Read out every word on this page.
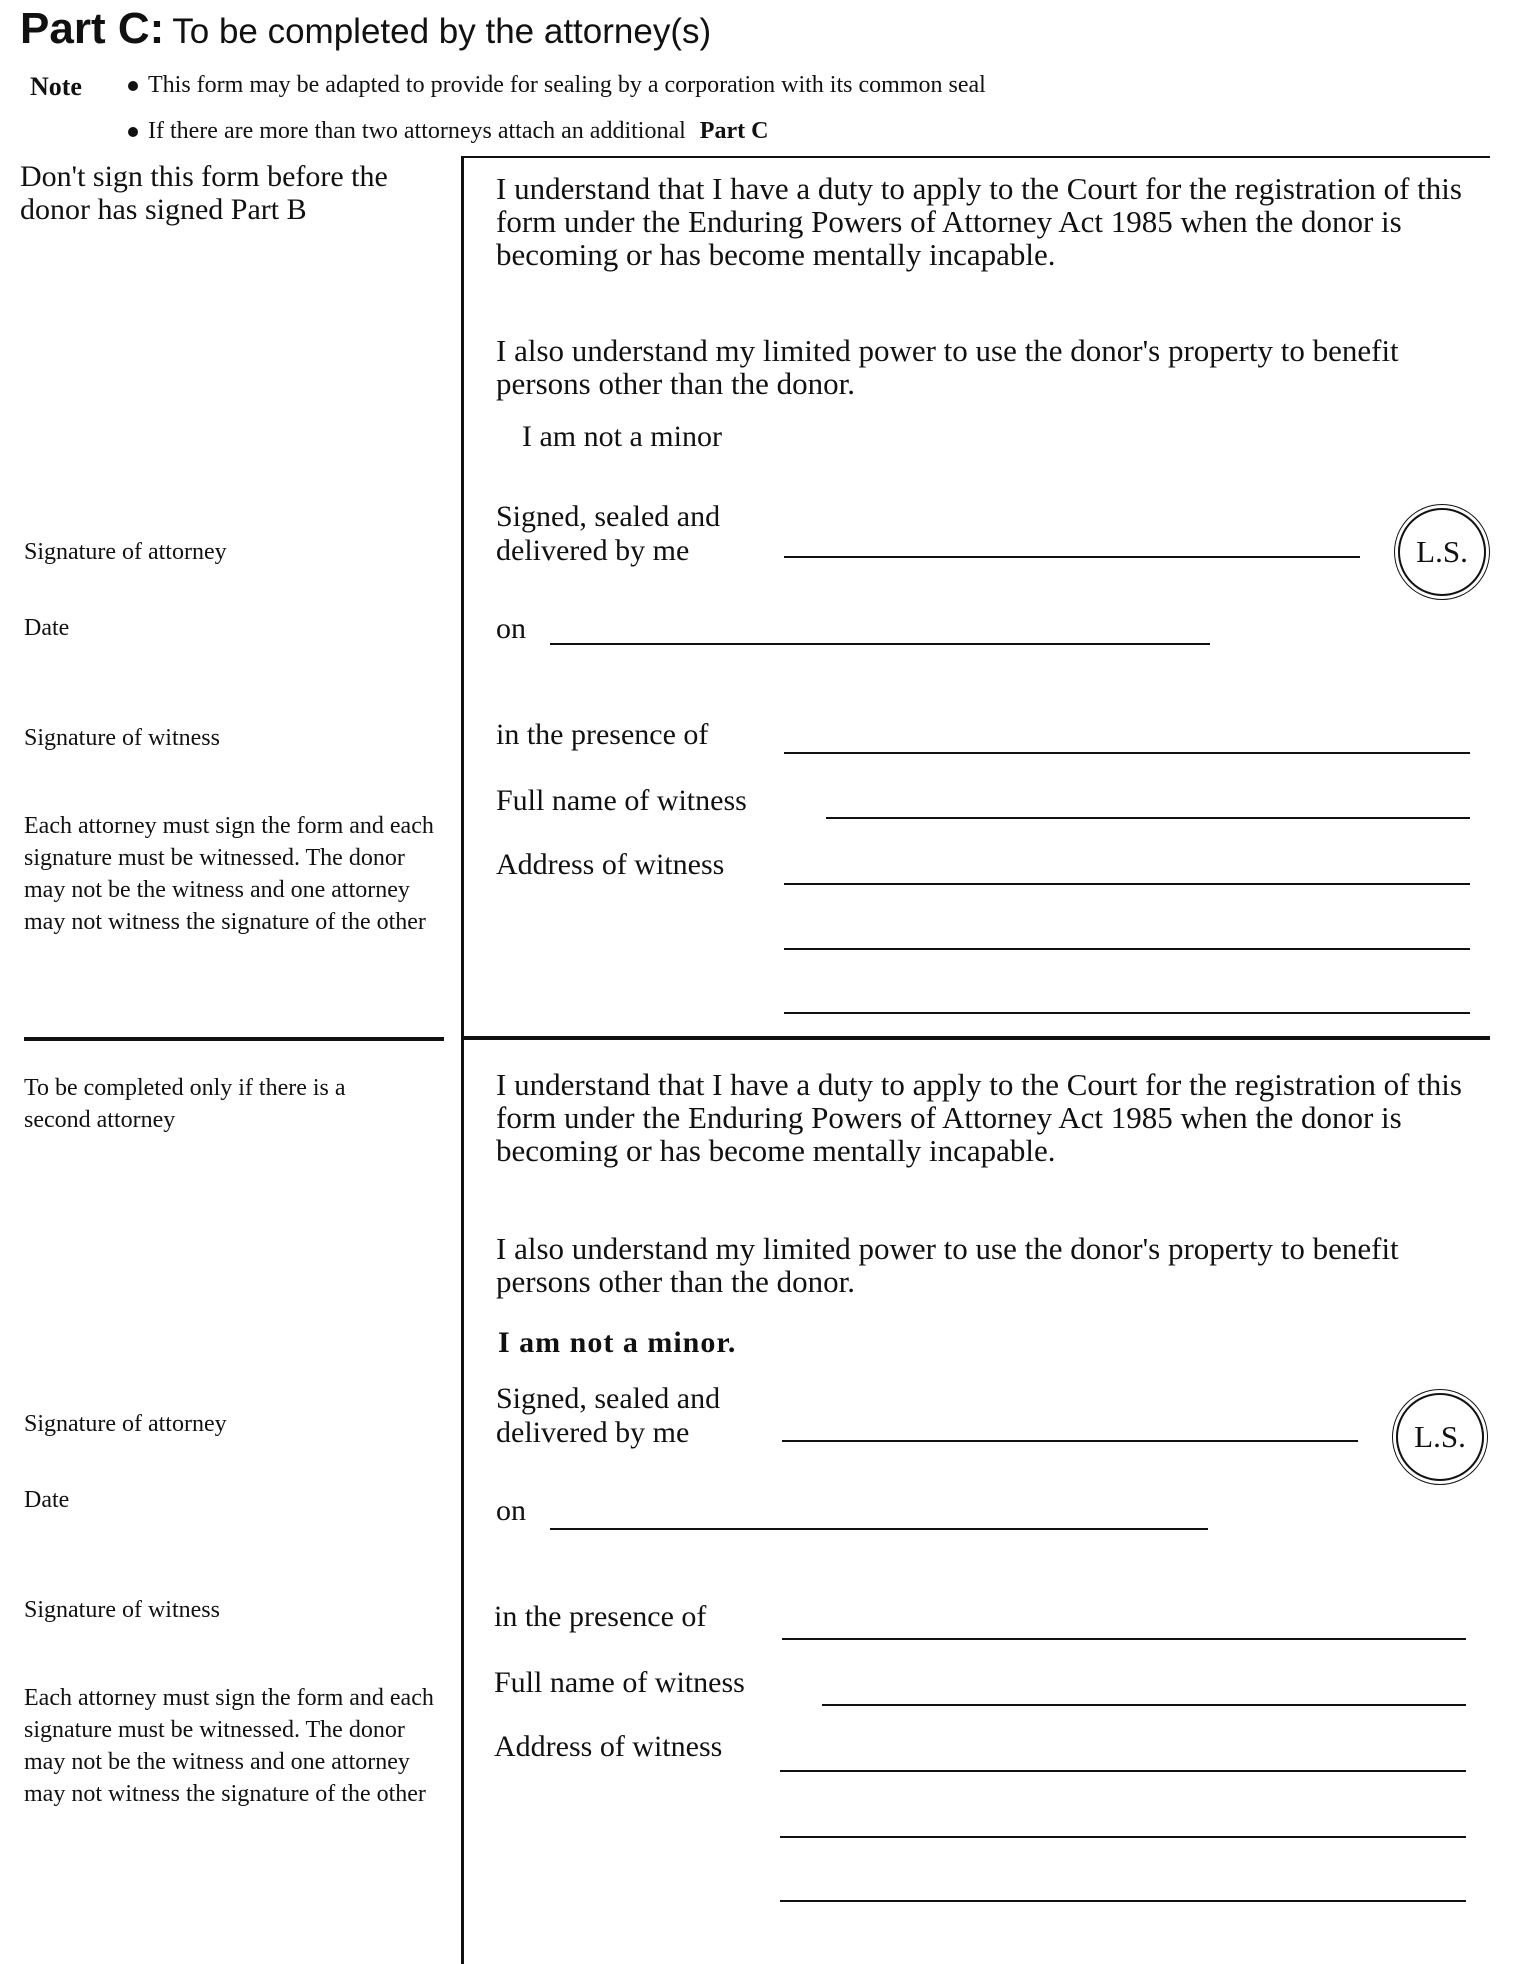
Part C: To be completed by the attorney(s)
Note	This form may be adapted to provide for sealing by a corporation with its common seal
If there are more than two attorneys attach an additional Part C
Don't sign this form before the donor has signed Part B
I understand that I have a duty to apply to the Court for the registration of this form under the Enduring Powers of Attorney Act 1985 when the donor is becoming or has become mentally incapable.
I also understand my limited power to use the donor's property to benefit persons other than the donor.
I am not a minor
Signed, sealed and
delivered by me	L.S.
on
in the presence of
Full name of witness
Address of witness
Signature of attorney
Date
Signature of witness
Each attorney must sign the form and each signature must be witnessed. The donor may not be the witness and one attorney may not witness the signature of the other
To be completed only if there is a second attorney
I understand that I have a duty to apply to the Court for the registration of this form under the Enduring Powers of Attorney Act 1985 when the donor is becoming or has become mentally incapable.
I also understand my limited power to use the donor's property to benefit persons other than the donor.
I am not a minor.
Signed, sealed and
delivered by me	L.S.
on
in the presence of
Full name of witness
Address of witness
Signature of attorney
Date
Signature of witness
Each attorney must sign the form and each signature must be witnessed. The donor may not be the witness and one attorney may not witness the signature of the other
